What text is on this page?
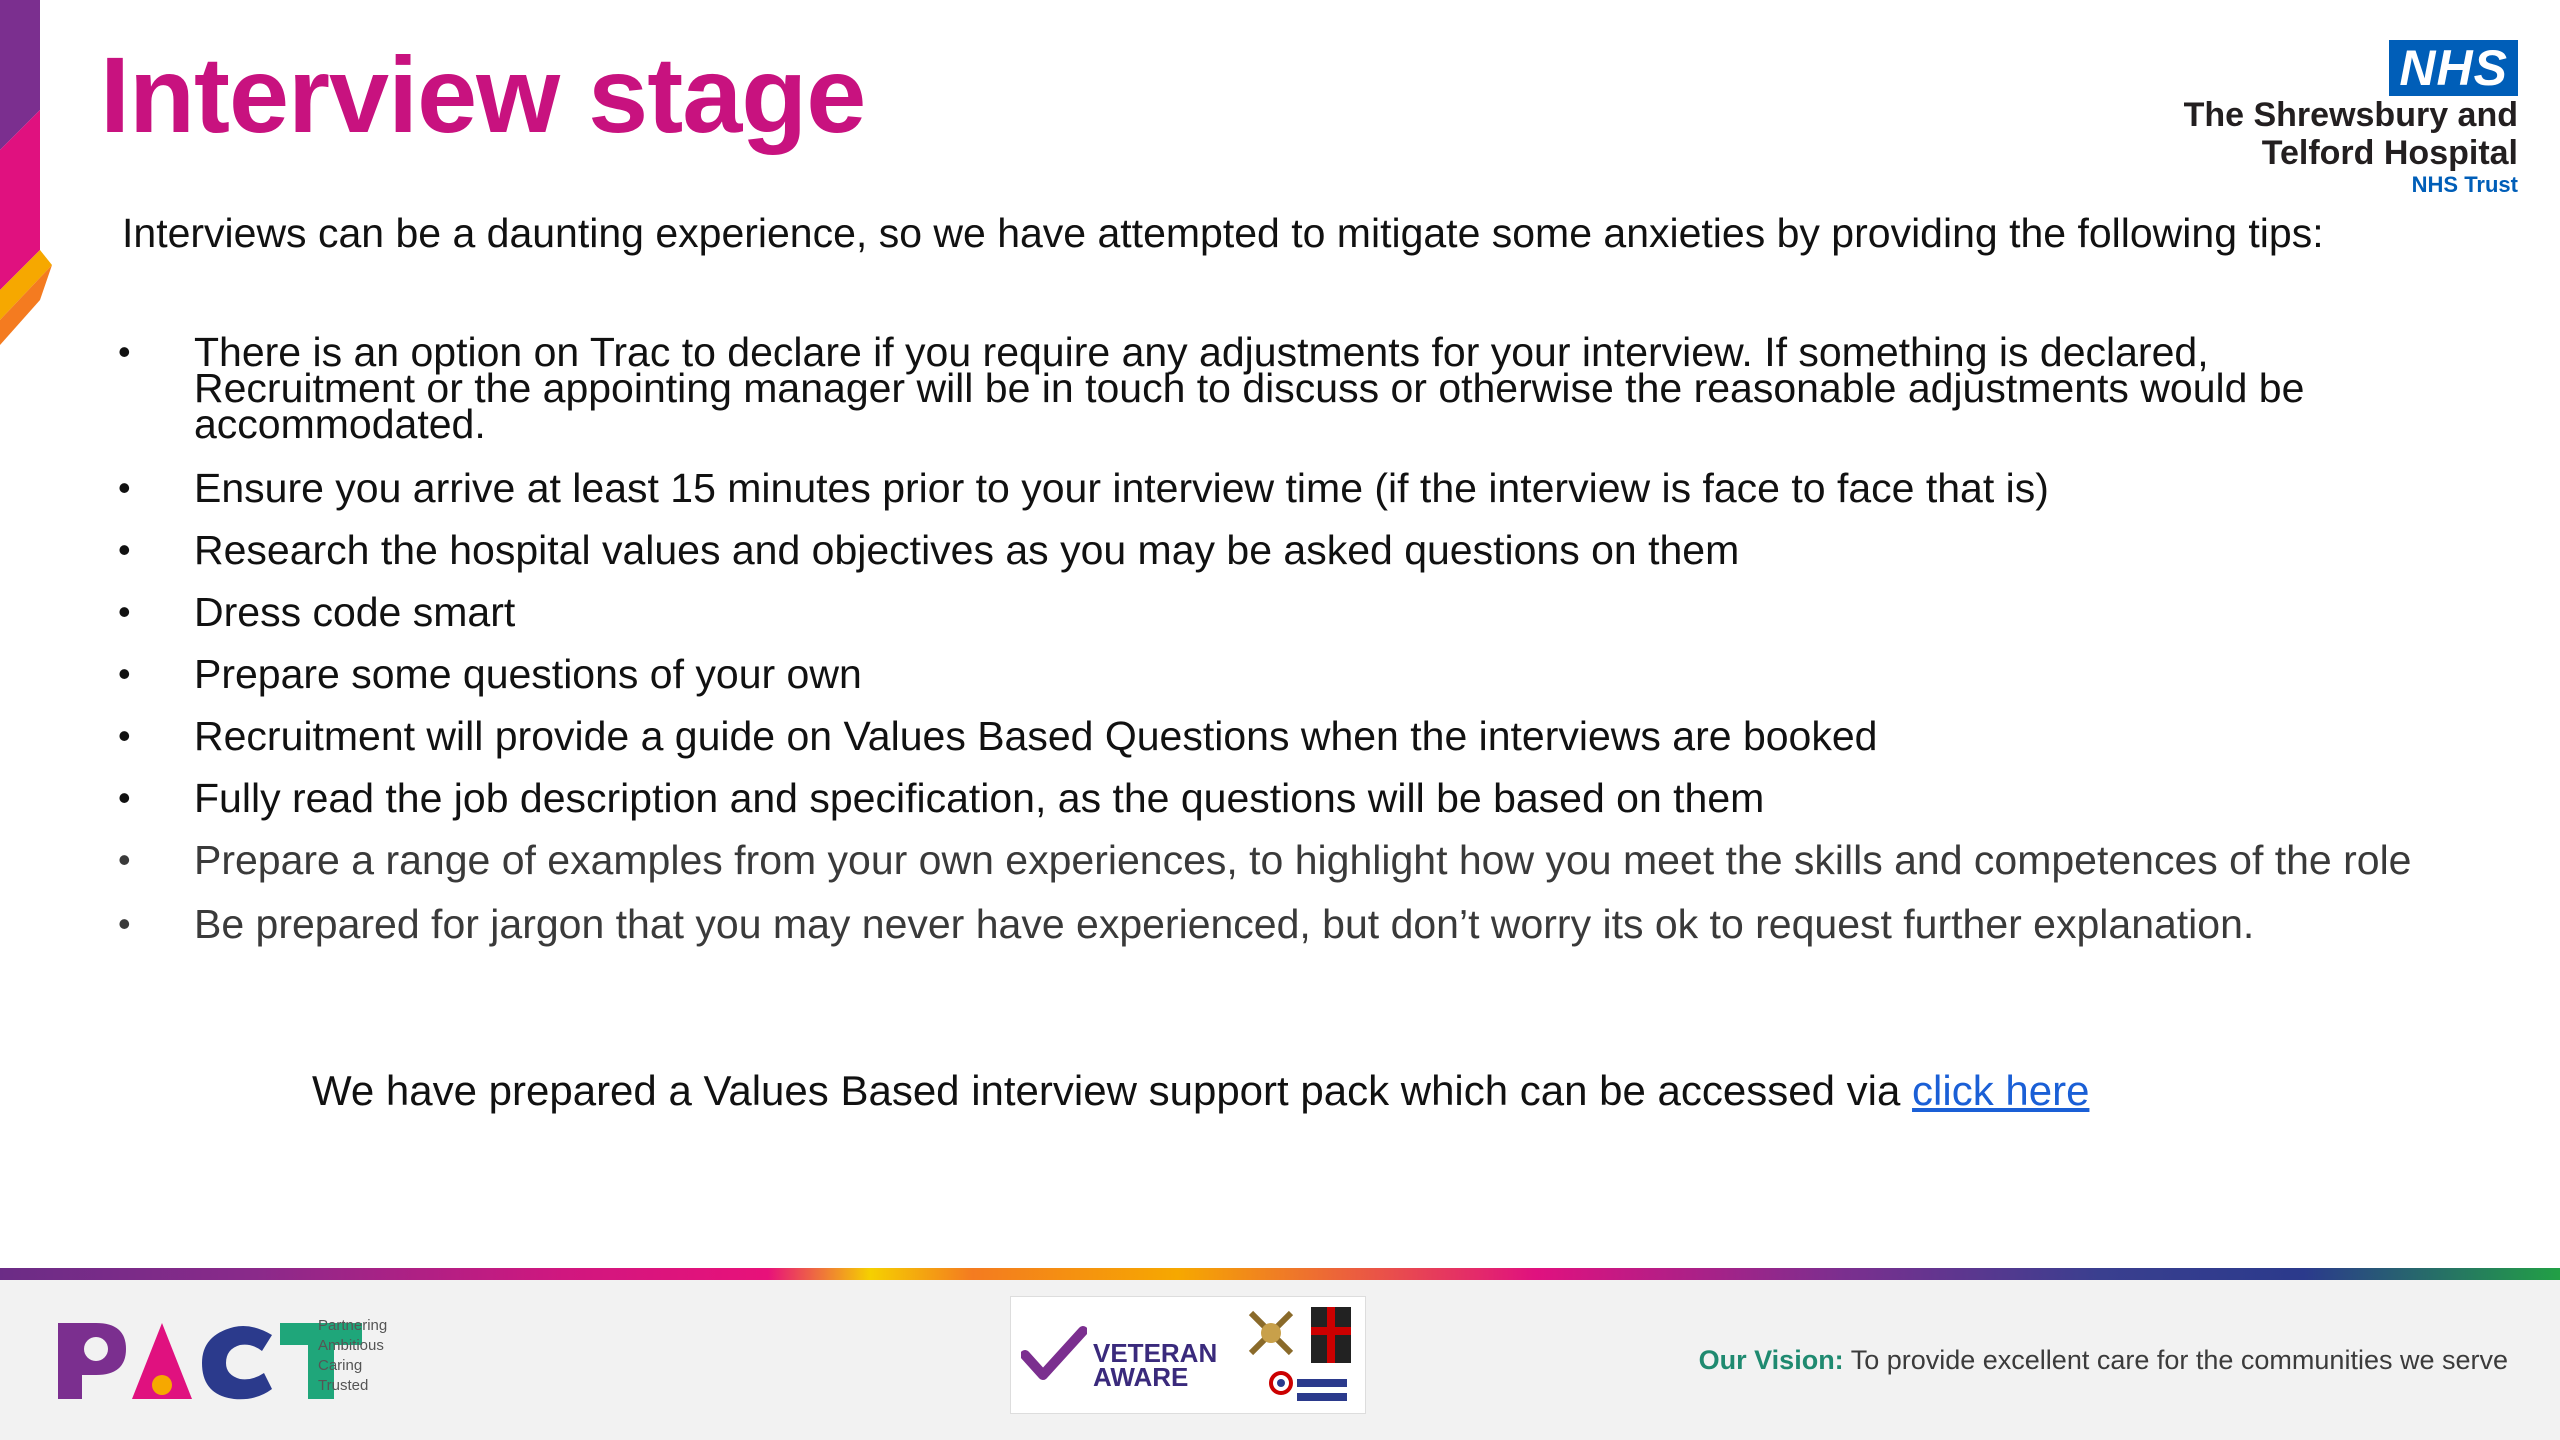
Interview stage	NHS
The Shrewsbury and
Telford Hospital
NHS Trust

Interviews can be a daunting experience, so we have attempted to mitigate some anxieties by providing the following tips:

• There is an option on Trac to declare if you require any adjustments for your interview. If something is declared, Recruitment or the appointing manager will be in touch to discuss or otherwise the reasonable adjustments would be accommodated.
• Ensure you arrive at least 15 minutes prior to your interview time (if the interview is face to face that is)
• Research the hospital values and objectives as you may be asked questions on them
• Dress code smart
• Prepare some questions of your own
• Recruitment will provide a guide on Values Based Questions when the interviews are booked
• Fully read the job description and specification, as the questions will be based on them
• Prepare a range of examples from your own experiences, to highlight how you meet the skills and competences of the role
• Be prepared for jargon that you may never have experienced, but don’t worry its ok to request further explanation.

We have prepared a Values Based interview support pack which can be accessed via click here

Partnering
Ambitious
Caring
Trusted
VETERAN
AWARE

Our Vision: To provide excellent care for the communities we serve
